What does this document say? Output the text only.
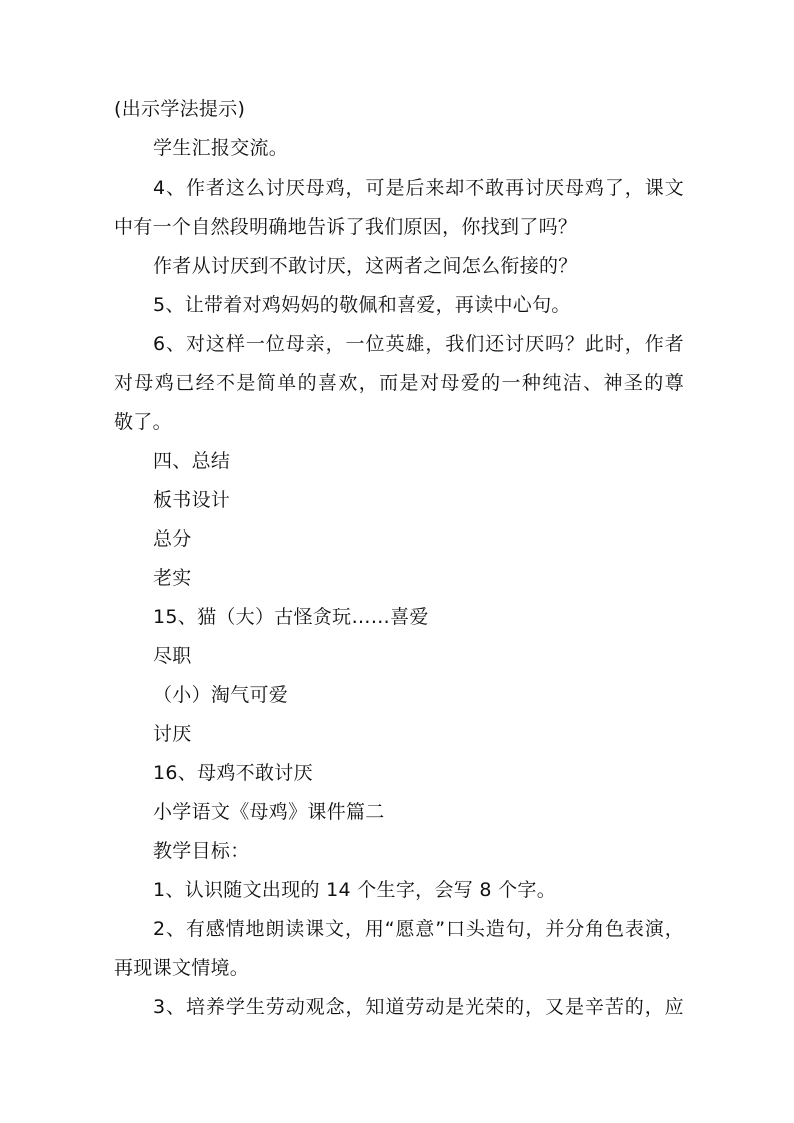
(出示学法提示)
学生汇报交流。
4、作者这么讨厌母鸡，可是后来却不敢再讨厌母鸡了，课文
中有一个自然段明确地告诉了我们原因，你找到了吗？
作者从讨厌到不敢讨厌，这两者之间怎么衔接的？
5、让带着对鸡妈妈的敬佩和喜爱，再读中心句。
6、对这样一位母亲，一位英雄，我们还讨厌吗？此时，作者
对母鸡已经不是简单的喜欢，而是对母爱的一种纯洁、神圣的尊
敬了。
四、总结
板书设计
总分
老实
15、猫（大）古怪贪玩……喜爱
尽职
（小）淘气可爱
讨厌
16、母鸡不敢讨厌
小学语文《母鸡》课件篇二
教学目标：
1、认识随文出现的 14 个生字，会写 8 个字。
2、有感情地朗读课文，用“愿意”口头造句，并分角色表演，
再现课文情境。
3、培养学生劳动观念，知道劳动是光荣的，又是辛苦的，应
